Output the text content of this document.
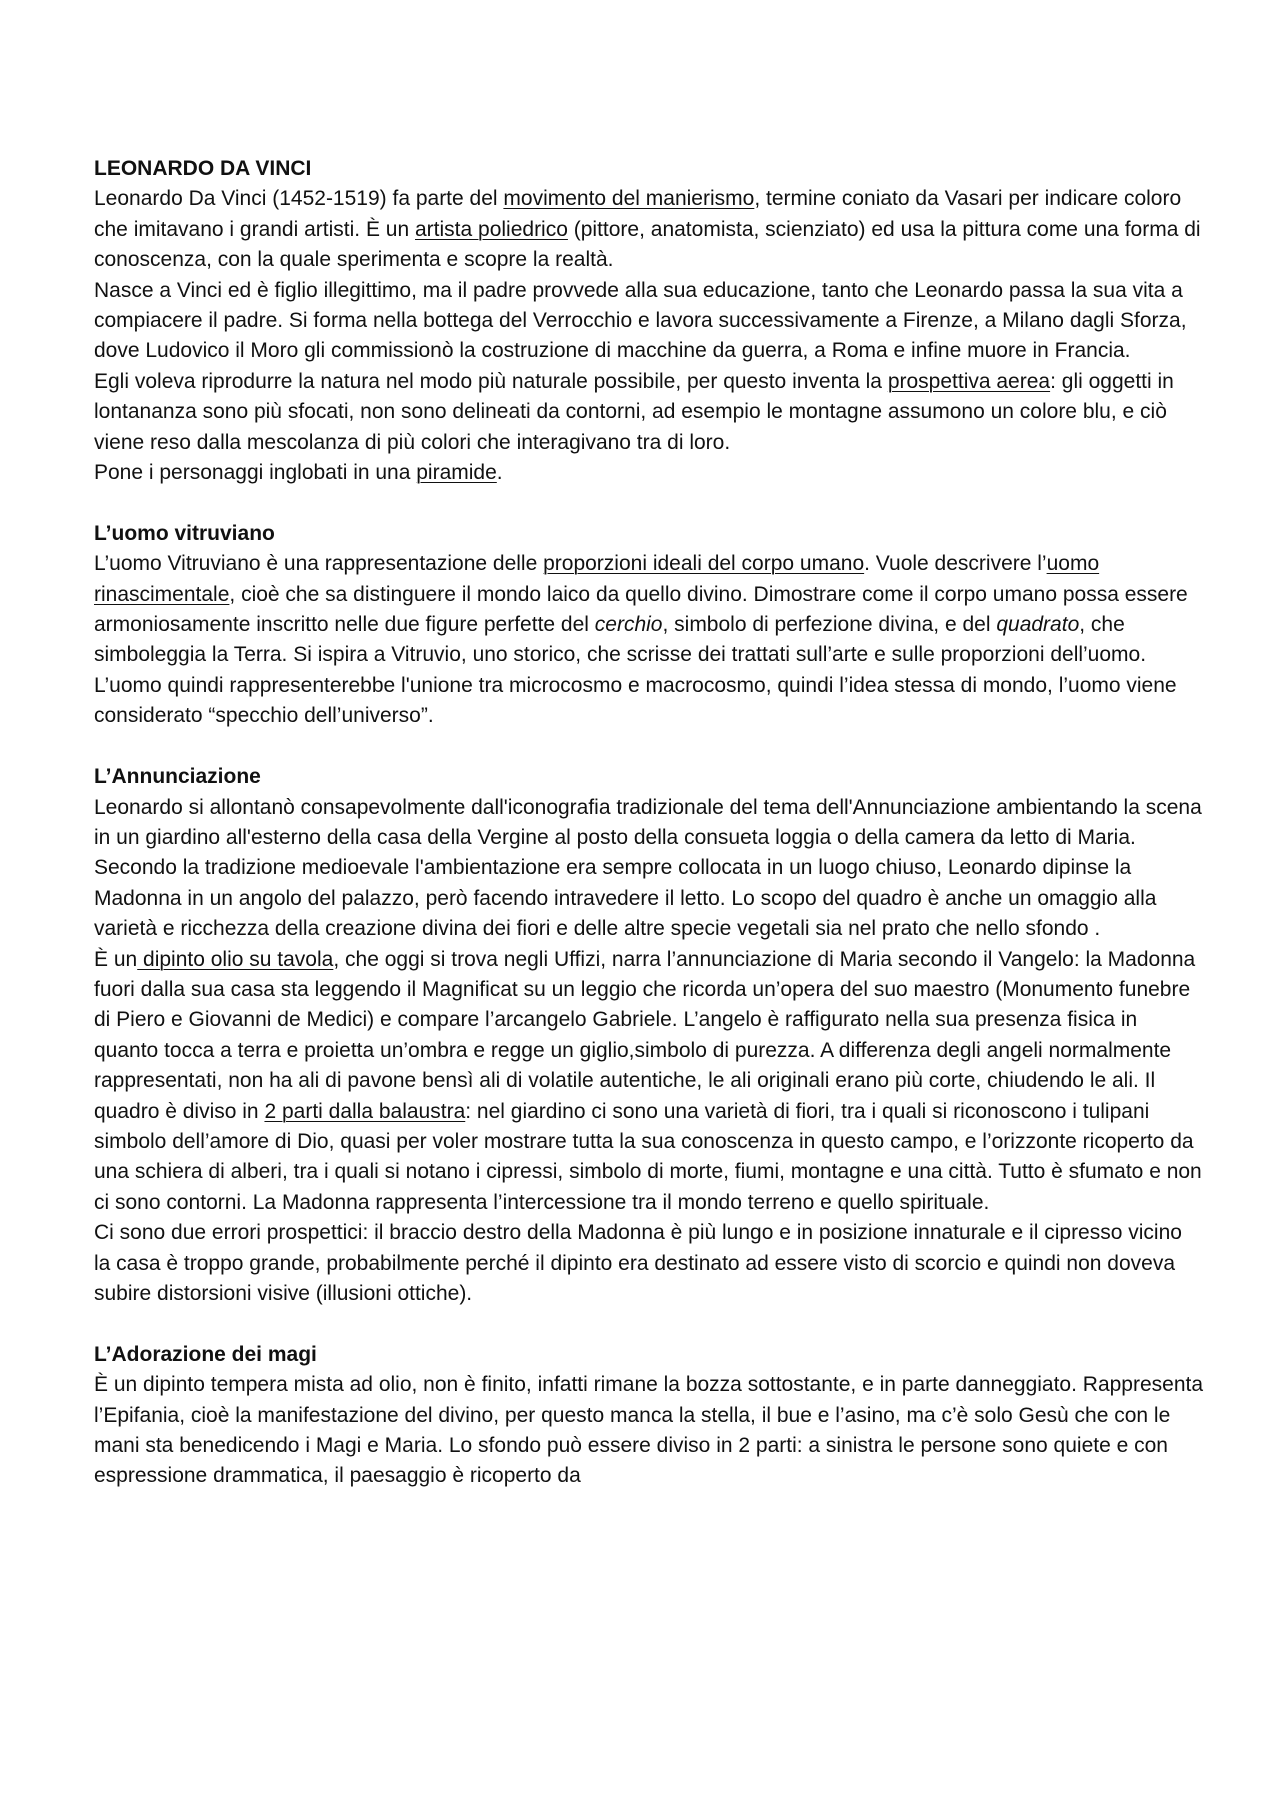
LEONARDO DA VINCI

Leonardo Da Vinci (1452-1519) fa parte del movimento del manierismo, termine coniato da Vasari per indicare coloro che imitavano i grandi artisti. È un artista poliedrico (pittore, anatomista, scienziato) ed usa la pittura come una forma di conoscenza, con la quale sperimenta e scopre la realtà.

Nasce a Vinci ed è figlio illegittimo, ma il padre provvede alla sua educazione, tanto che Leonardo passa la sua vita a compiacere il padre. Si forma nella bottega del Verrocchio e lavora successivamente a Firenze, a Milano dagli Sforza, dove Ludovico il Moro gli commissionò la costruzione di macchine da guerra, a Roma e infine muore in Francia.

Egli voleva riprodurre la natura nel modo più naturale possibile, per questo inventa la prospettiva aerea: gli oggetti in lontananza sono più sfocati, non sono delineati da contorni, ad esempio le montagne assumono un colore blu, e ciò viene reso dalla mescolanza di più colori che interagivano tra di loro.

Pone i personaggi inglobati in una piramide.

L’uomo vitruviano

L’uomo Vitruviano è una rappresentazione delle proporzioni ideali del corpo umano. Vuole descrivere l’uomo rinascimentale, cioè che sa distinguere il mondo laico da quello divino. Dimostrare come il corpo umano possa essere armoniosamente inscritto nelle due figure perfette del cerchio, simbolo di perfezione divina, e del quadrato, che simboleggia la Terra. Si ispira a Vitruvio, uno storico, che scrisse dei trattati sull’arte e sulle proporzioni dell’uomo. L’uomo quindi rappresenterebbe l'unione tra microcosmo e macrocosmo, quindi l’idea stessa di mondo, l’uomo viene considerato “specchio dell’universo”.

L’Annunciazione

Leonardo si allontanò consapevolmente dall'iconografia tradizionale del tema dell'Annunciazione ambientando la scena in un giardino all'esterno della casa della Vergine al posto della consueta loggia o della camera da letto di Maria. Secondo la tradizione medioevale l'ambientazione era sempre collocata in un luogo chiuso, Leonardo dipinse la Madonna in un angolo del palazzo, però facendo intravedere il letto. Lo scopo del quadro è anche un omaggio alla varietà e ricchezza della creazione divina dei fiori e delle altre specie vegetali sia nel prato che nello sfondo .

È un dipinto olio su tavola, che oggi si trova negli Uffizi, narra l’annunciazione di Maria secondo il Vangelo: la Madonna fuori dalla sua casa sta leggendo il Magnificat su un leggio che ricorda un’opera del suo maestro (Monumento funebre di Piero e Giovanni de Medici) e compare l’arcangelo Gabriele. L’angelo è raffigurato nella sua presenza fisica in quanto tocca a terra e proietta un’ombra e regge un giglio,simbolo di purezza. A differenza degli angeli normalmente rappresentati, non ha ali di pavone bensì ali di volatile autentiche, le ali originali erano più corte, chiudendo le ali. Il quadro è diviso in 2 parti dalla balaustra: nel giardino ci sono una varietà di fiori, tra i quali si riconoscono i tulipani simbolo dell’amore di Dio, quasi per voler mostrare tutta la sua conoscenza in questo campo, e l’orizzonte ricoperto da una schiera di alberi, tra i quali si notano i cipressi, simbolo di morte, fiumi, montagne e una città. Tutto è sfumato e non ci sono contorni. La Madonna rappresenta l’intercessione tra il mondo terreno e quello spirituale.

Ci sono due errori prospettici: il braccio destro della Madonna è più lungo e in posizione innaturale e il cipresso vicino la casa è troppo grande, probabilmente perché il dipinto era destinato ad essere visto di scorcio e quindi non doveva subire distorsioni visive (illusioni ottiche).

L’Adorazione dei magi

È un dipinto tempera mista ad olio, non è finito, infatti rimane la bozza sottostante, e in parte danneggiato. Rappresenta l’Epifania, cioè la manifestazione del divino, per questo manca la stella, il bue e l’asino, ma c’è solo Gesù che con le mani sta benedicendo i Magi e Maria. Lo sfondo può essere diviso in 2 parti: a sinistra le persone sono quiete e con espressione drammatica, il paesaggio è ricoperto da
